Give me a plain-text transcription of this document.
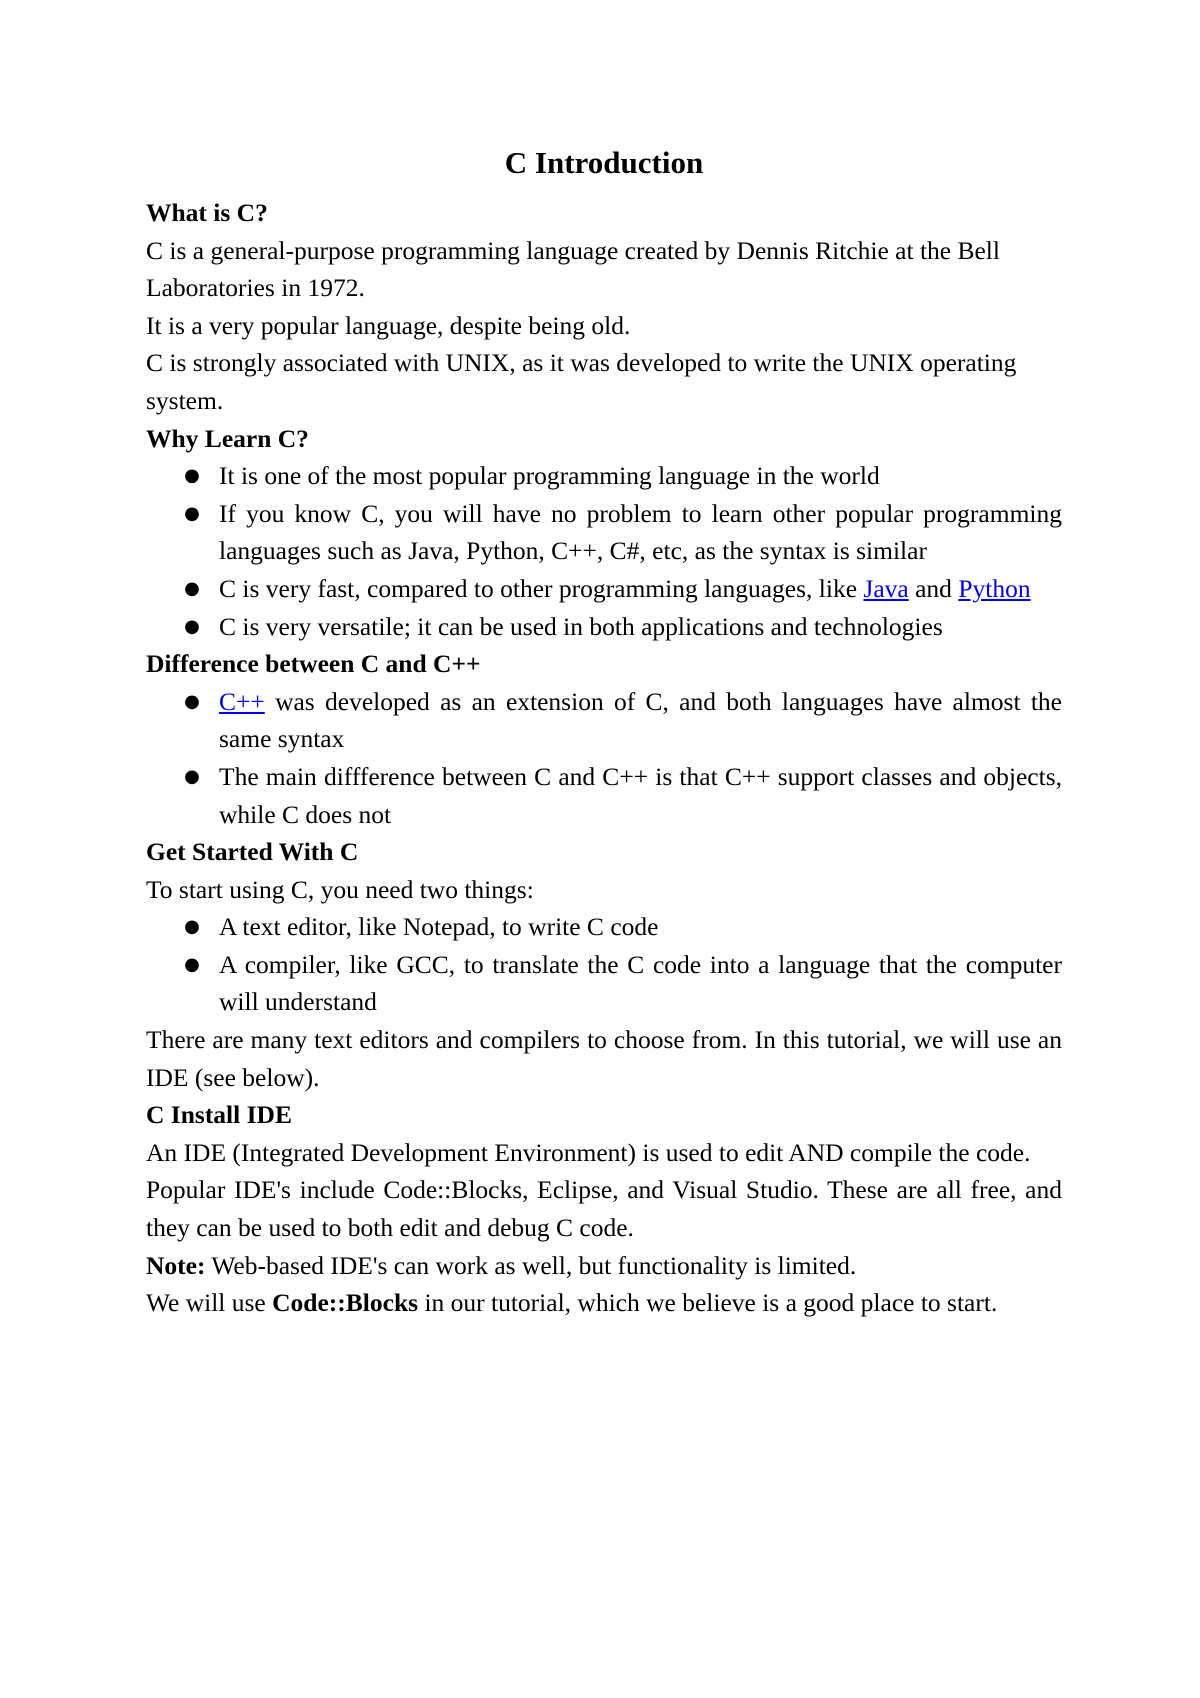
C Introduction

What is C?

C is a general-purpose programming language created by Dennis Ritchie at the Bell Laboratories in 1972.

It is a very popular language, despite being old.

C is strongly associated with UNIX, as it was developed to write the UNIX operating system.

Why Learn C?

● It is one of the most popular programming language in the world
● If you know C, you will have no problem to learn other popular programming languages such as Java, Python, C++, C#, etc, as the syntax is similar
● C is very fast, compared to other programming languages, like Java and Python
● C is very versatile; it can be used in both applications and technologies

Difference between C and C++

● C++ was developed as an extension of C, and both languages have almost the same syntax
● The main diffference between C and C++ is that C++ support classes and objects, while C does not

Get Started With C

To start using C, you need two things:

● A text editor, like Notepad, to write C code
● A compiler, like GCC, to translate the C code into a language that the computer will understand

There are many text editors and compilers to choose from. In this tutorial, we will use an IDE (see below).

C Install IDE

An IDE (Integrated Development Environment) is used to edit AND compile the code.

Popular IDE's include Code::Blocks, Eclipse, and Visual Studio. These are all free, and they can be used to both edit and debug C code.

Note: Web-based IDE's can work as well, but functionality is limited.

We will use Code::Blocks in our tutorial, which we believe is a good place to start.
